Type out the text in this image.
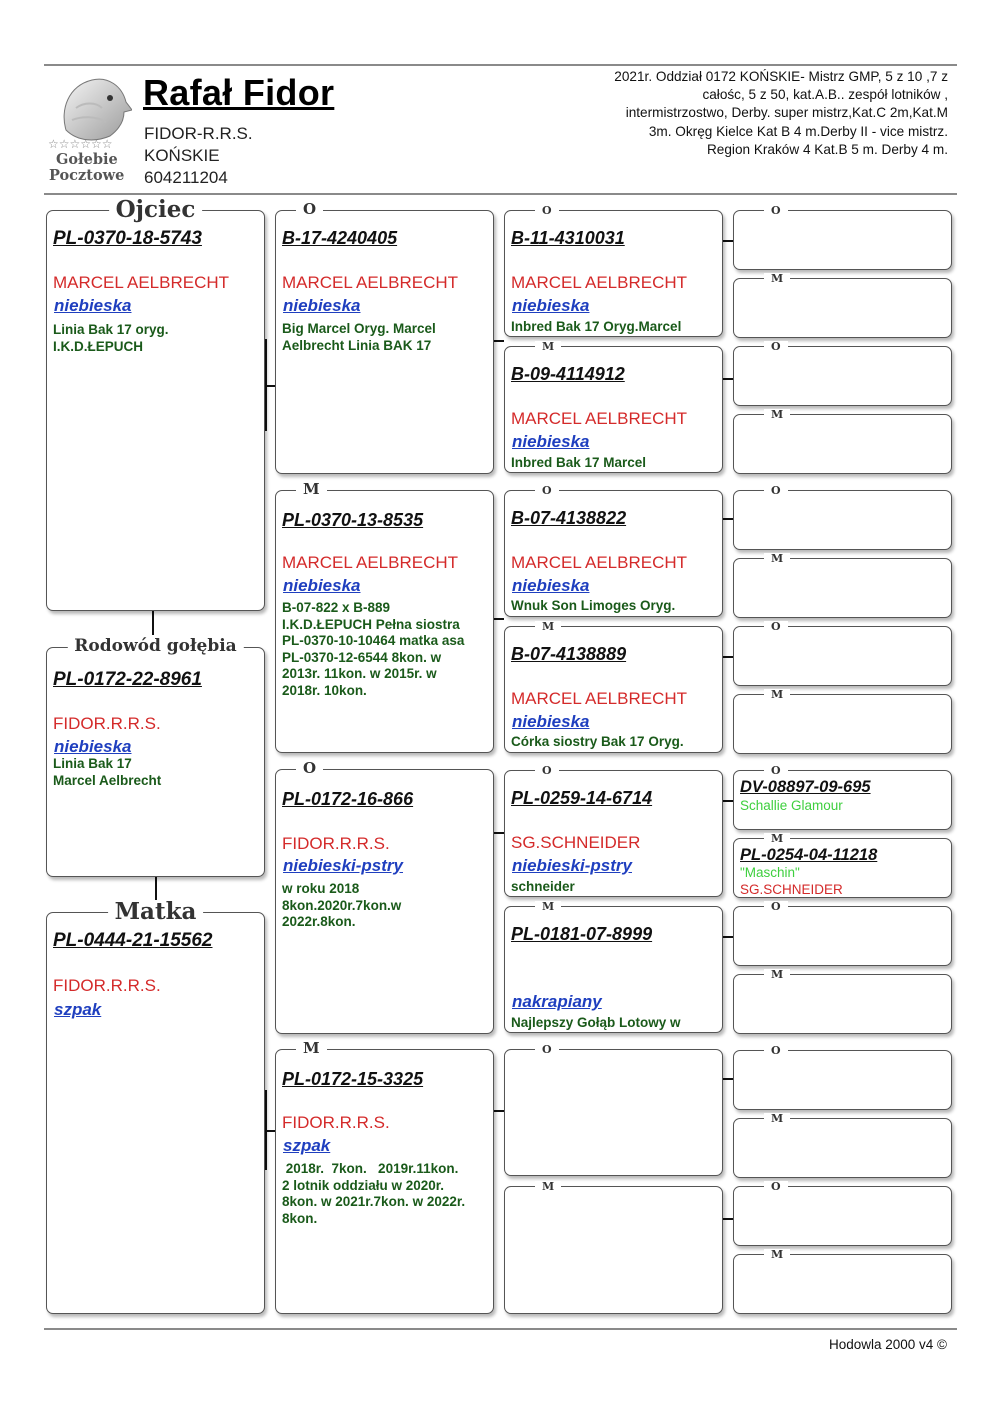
☆☆☆☆☆☆
Gołebie
Pocztowe
Rafał Fidor
FIDOR-R.R.S.
KOŃSKIE
604211204
2021r. Oddział 0172 KOŃSKIE- Mistrz GMP, 5 z 10 ,7 z całośc, 5 z 50, kat.A.B.. zespół lotników , intermistrzostwo, Derby. super mistrz,Kat.C 2m,Kat.M 3m. Okręg Kielce Kat B 4 m.Derby II - vice mistrz. Region Kraków 4 Kat.B 5 m. Derby 4 m.
Ojciec
PL-0370-18-5743
MARCEL AELBRECHT
niebieska
Linia Bak 17 oryg.
I.K.D.ŁEPUCH
Rodowód gołębia
PL-0172-22-8961
FIDOR.R.R.S.
niebieska
Linia Bak 17
Marcel Aelbrecht
Matka
PL-0444-21-15562
FIDOR.R.R.S.
szpak
O
B-17-4240405
MARCEL AELBRECHT
niebieska
Big Marcel Oryg. Marcel
Aelbrecht Linia BAK 17
M
PL-0370-13-8535
MARCEL AELBRECHT
niebieska
B-07-822 x B-889
I.K.D.ŁEPUCH Pełna siostra
PL-0370-10-10464 matka asa
PL-0370-12-6544 8kon. w
2013r. 11kon. w 2015r. w
2018r. 10kon.
O
PL-0172-16-866
FIDOR.R.R.S.
niebieski-pstry
w roku 2018
8kon.2020r.7kon.w
2022r.8kon.
M
PL-0172-15-3325
FIDOR.R.R.S.
szpak
2018r.  7kon.   2019r.11kon.
2 lotnik oddziału w 2020r.
8kon. w 2021r.7kon. w 2022r.
8kon.
O
B-11-4310031
MARCEL AELBRECHT
niebieska
Inbred Bak 17 Oryg.Marcel
M
B-09-4114912
MARCEL AELBRECHT
niebieska
Inbred Bak 17 Marcel
O
B-07-4138822
MARCEL AELBRECHT
niebieska
Wnuk Son Limoges Oryg.
M
B-07-4138889
MARCEL AELBRECHT
niebieska
Córka siostry Bak 17 Oryg.
O
PL-0259-14-6714
SG.SCHNEIDER
niebieski-pstry
schneider
M
PL-0181-07-8999
nakrapiany
Najlepszy Gołąb Lotowy w
O
M
O
M
O
M
O
M
O
M
O
DV-08897-09-695
Schallie Glamour
M
PL-0254-04-11218
"Maschin"
SG.SCHNEIDER
O
M
O
M
O
M
Hodowla 2000 v4 ©
